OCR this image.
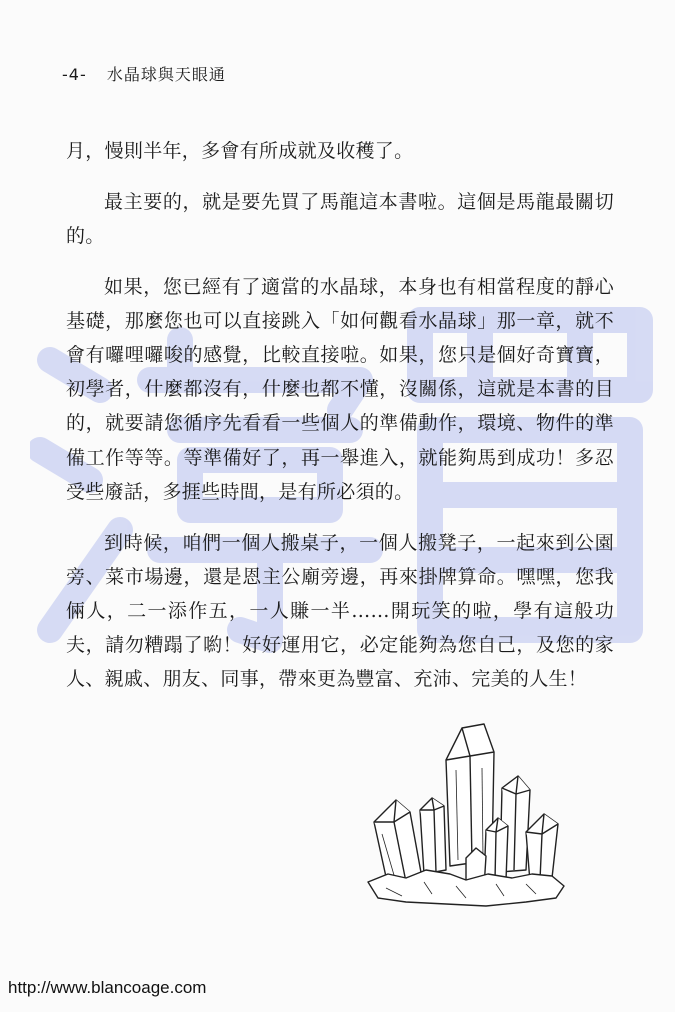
-4- 水晶球與天眼通

月，慢則半年，多會有所成就及收穫了。

最主要的，就是要先買了馬龍這本書啦。這個是馬龍最關切的。

如果，您已經有了適當的水晶球，本身也有相當程度的靜心基礎，那麼您也可以直接跳入「如何觀看水晶球」那一章，就不會有囉哩囉唆的感覺，比較直接啦。如果，您只是個好奇寶寶，初學者，什麼都沒有，什麼也都不懂，沒關係，這就是本書的目的，就要請您循序先看看一些個人的準備動作，環境、物件的準備工作等等。等準備好了，再一舉進入，就能夠馬到成功！多忍受些廢話，多捱些時間，是有所必須的。

到時候，咱們一個人搬桌子，一個人搬凳子，一起來到公園旁、菜市場邊，還是恩主公廟旁邊，再來掛牌算命。嘿嘿，您我倆人，二一添作五，一人賺一半……開玩笑的啦，學有這般功夫，請勿糟蹋了喲！好好運用它，必定能夠為您自己，及您的家人、親戚、朋友、同事，帶來更為豐富、充沛、完美的人生！

http://www.blancoage.com
